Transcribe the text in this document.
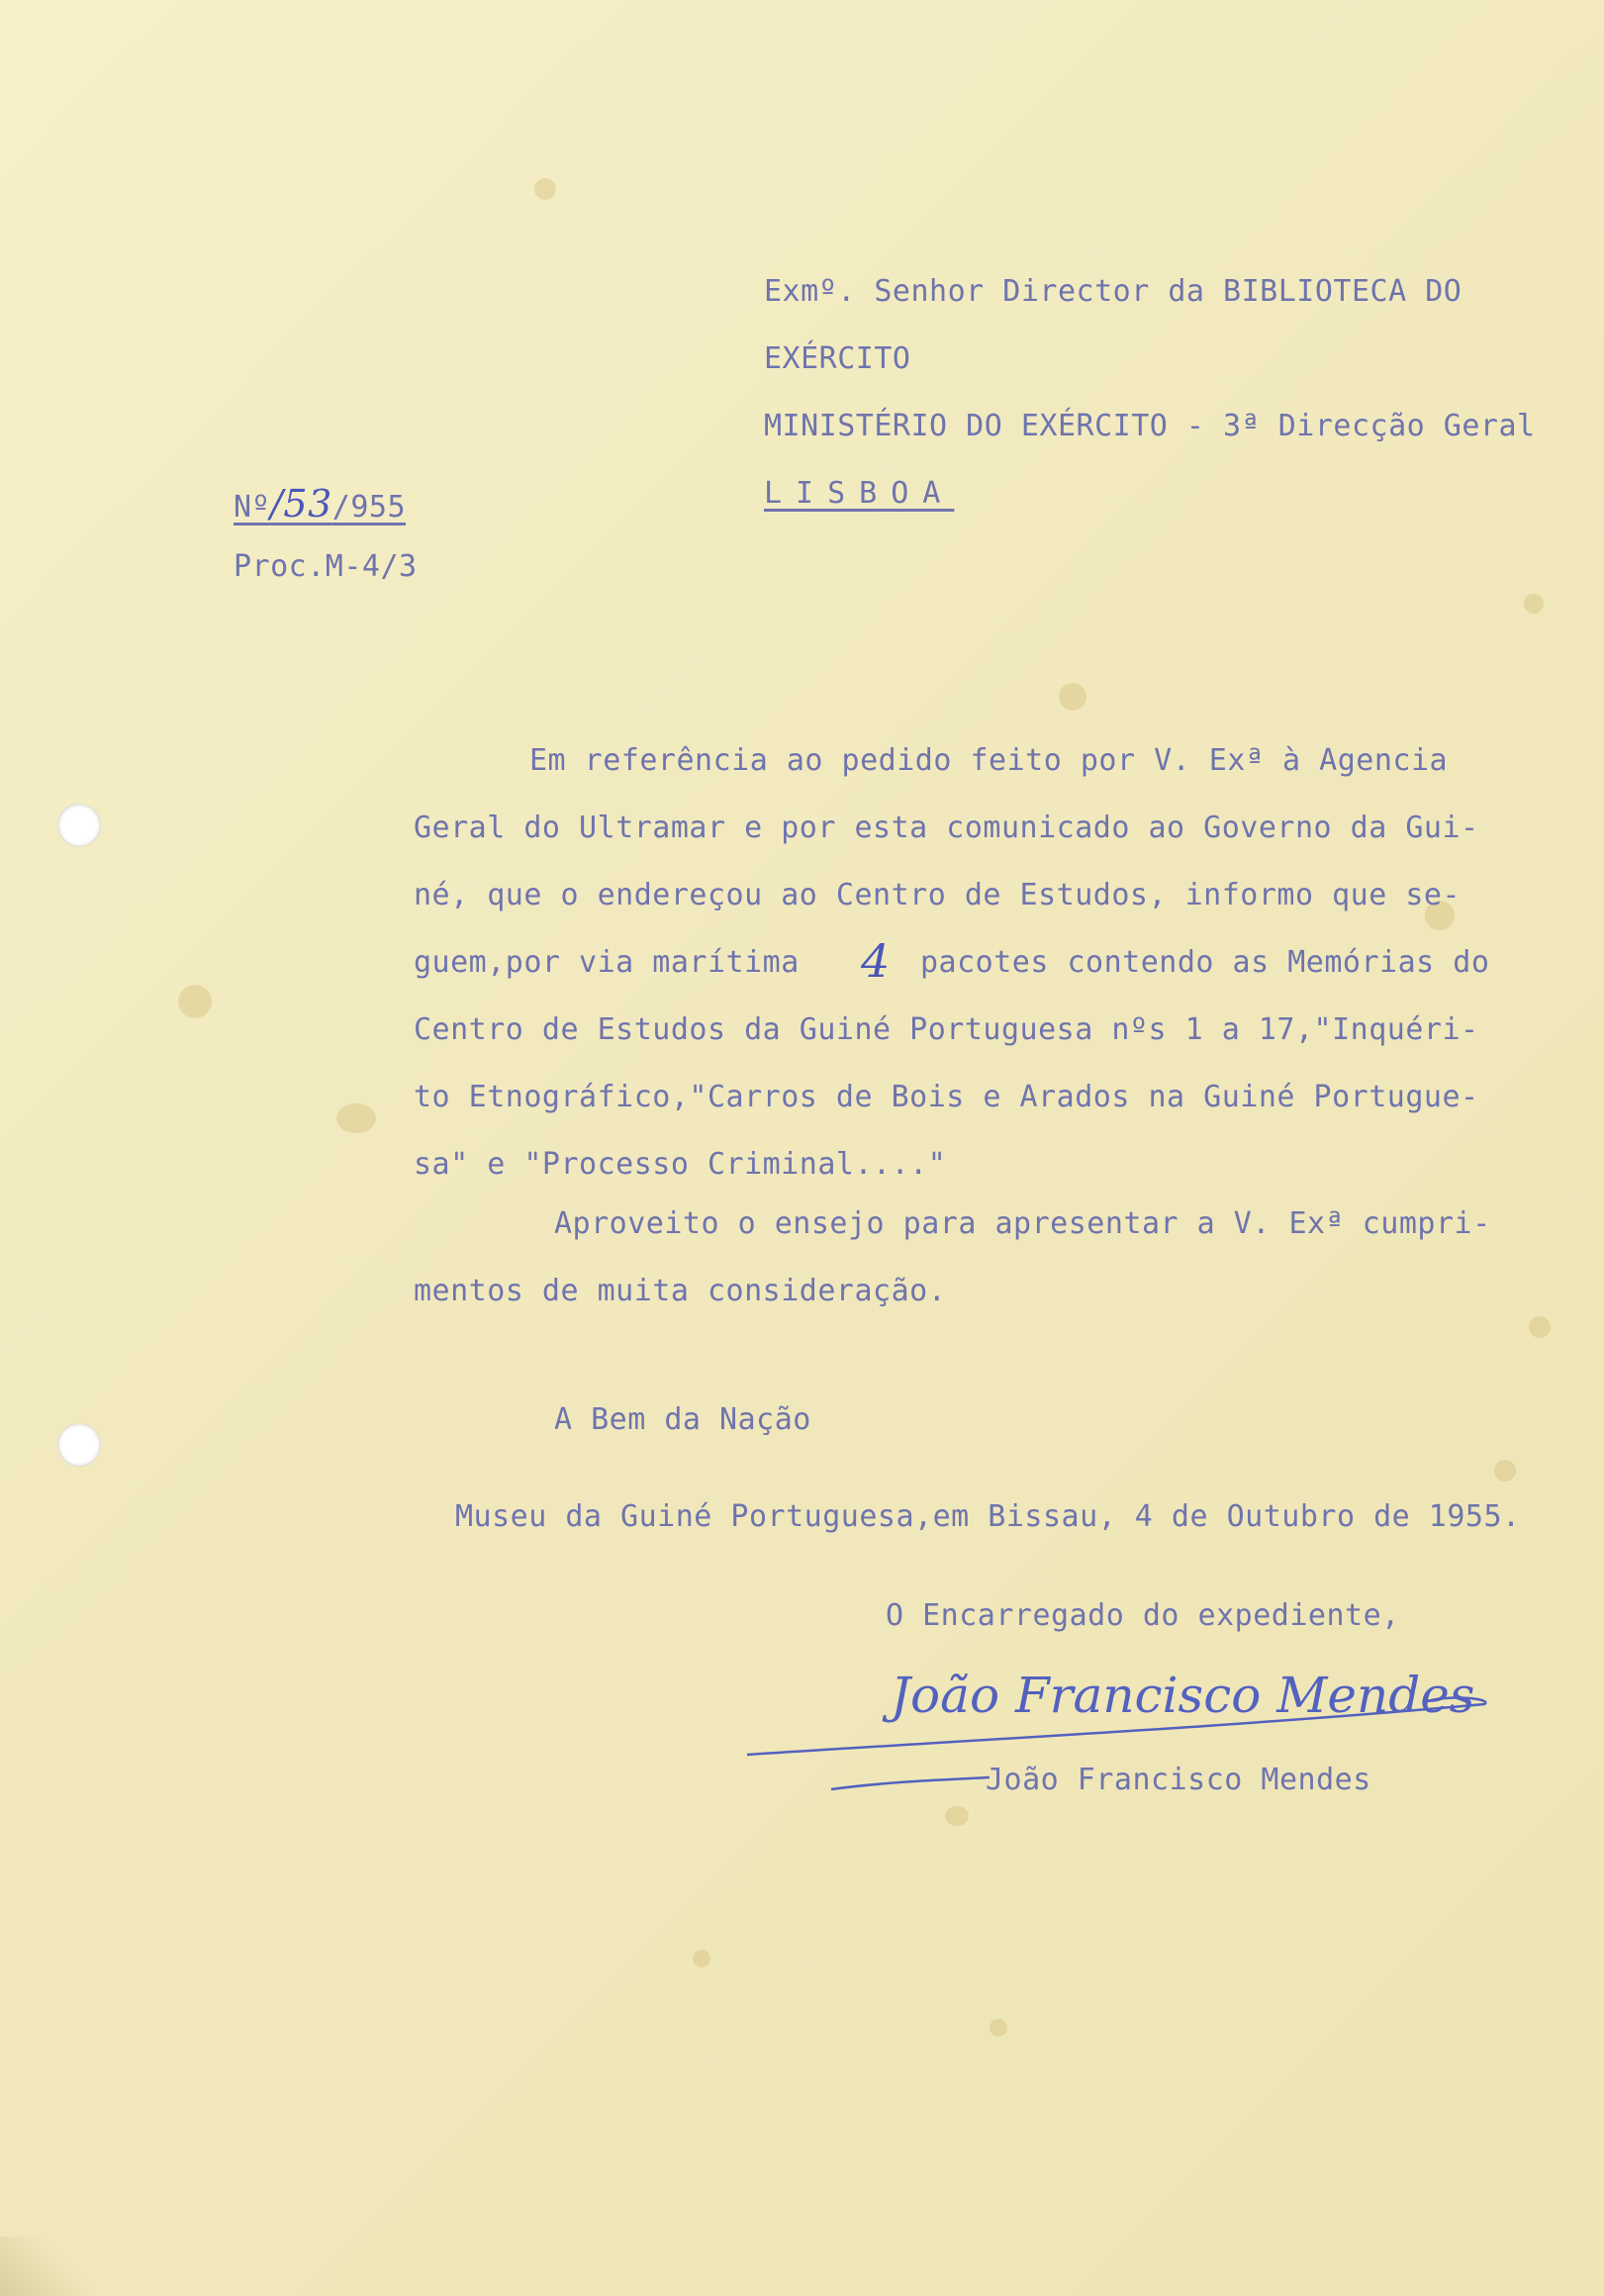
Exmº. Senhor Director da BIBLIOTECA DO

EXÉRCITO

MINISTÉRIO DO EXÉRCITO - 3ª Direcção Geral

LISBOA

Nº/53/955

Proc.M-4/3

Em referência ao pedido feito por V. Exª à Agencia

Geral do Ultramar e por esta comunicado ao Governo da Gui-

né, que o endereçou ao Centro de Estudos, informo que se-

guem,por via marítima 4 pacotes contendo as Memórias do

Centro de Estudos da Guiné Portuguesa nºs 1 a 17,"Inquéri-

to Etnográfico,"Carros de Bois e Arados na Guiné Portugue-

sa" e "Processo Criminal...."

Aproveito o ensejo para apresentar a V. Exª cumpri-

mentos de muita consideração.

A Bem da Nação

Museu da Guiné Portuguesa,em Bissau, 4 de Outubro de 1955.

O Encarregado do expediente,

João Francisco Mendes

João Francisco Mendes
